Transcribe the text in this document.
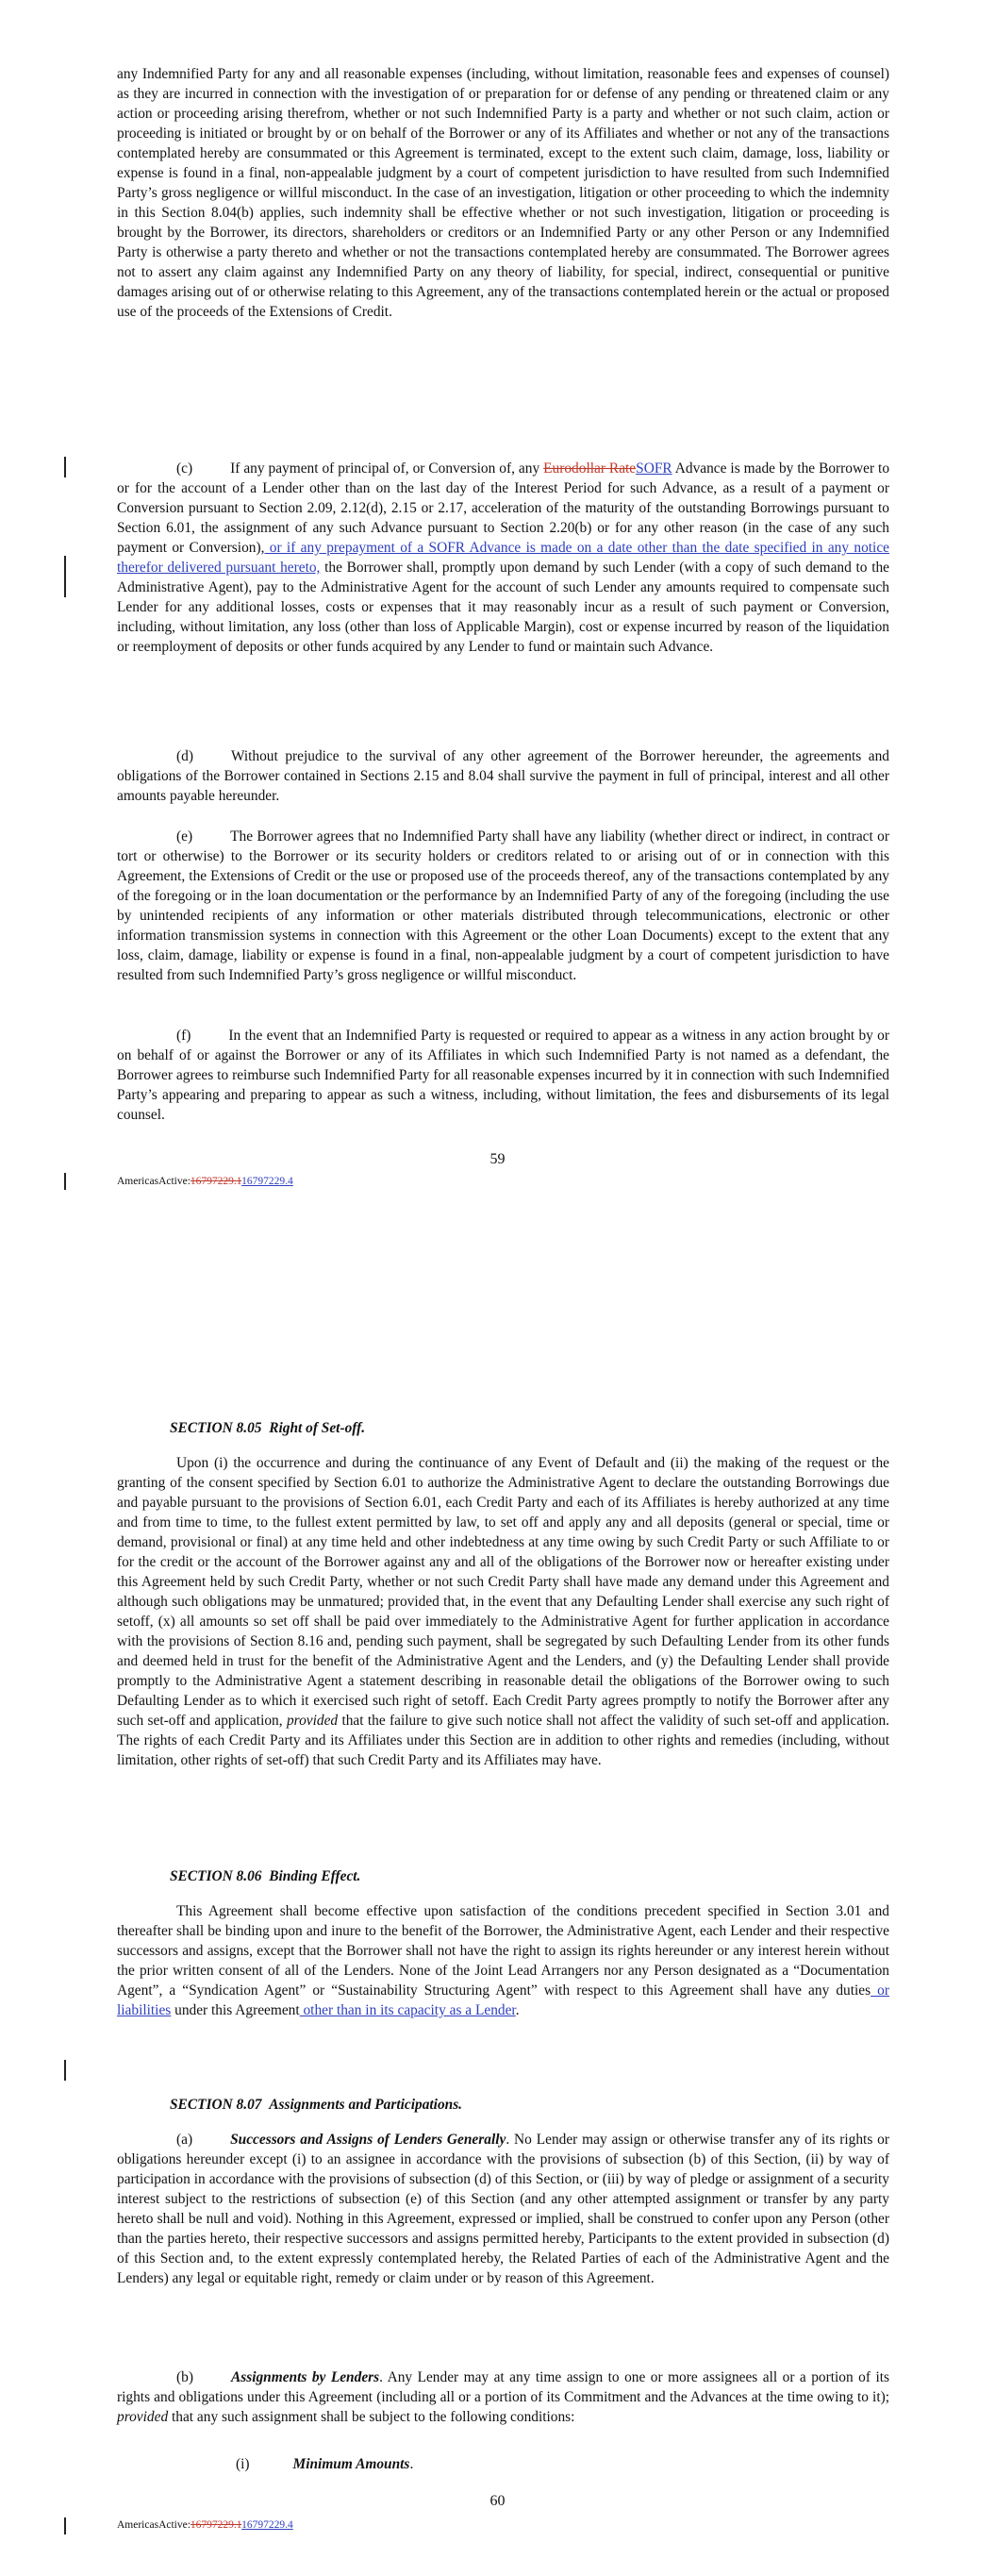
any Indemnified Party for any and all reasonable expenses (including, without limitation, reasonable fees and expenses of counsel) as they are incurred in connection with the investigation of or preparation for or defense of any pending or threatened claim or any action or proceeding arising therefrom, whether or not such Indemnified Party is a party and whether or not such claim, action or proceeding is initiated or brought by or on behalf of the Borrower or any of its Affiliates and whether or not any of the transactions contemplated hereby are consummated or this Agreement is terminated, except to the extent such claim, damage, loss, liability or expense is found in a final, non-appealable judgment by a court of competent jurisdiction to have resulted from such Indemnified Party’s gross negligence or willful misconduct. In the case of an investigation, litigation or other proceeding to which the indemnity in this Section 8.04(b) applies, such indemnity shall be effective whether or not such investigation, litigation or proceeding is brought by the Borrower, its directors, shareholders or creditors or an Indemnified Party or any other Person or any Indemnified Party is otherwise a party thereto and whether or not the transactions contemplated hereby are consummated. The Borrower agrees not to assert any claim against any Indemnified Party on any theory of liability, for special, indirect, consequential or punitive damages arising out of or otherwise relating to this Agreement, any of the transactions contemplated herein or the actual or proposed use of the proceeds of the Extensions of Credit.

(c)	If any payment of principal of, or Conversion of, any Eurodollar RateSOFR Advance is made by the Borrower to or for the account of a Lender other than on the last day of the Interest Period for such Advance, as a result of a payment or Conversion pursuant to Section 2.09, 2.12(d), 2.15 or 2.17, acceleration of the maturity of the outstanding Borrowings pursuant to Section 6.01, the assignment of any such Advance pursuant to Section 2.20(b) or for any other reason (in the case of any such payment or Conversion), or if any prepayment of a SOFR Advance is made on a date other than the date specified in any notice therefor delivered pursuant hereto, the Borrower shall, promptly upon demand by such Lender (with a copy of such demand to the Administrative Agent), pay to the Administrative Agent for the account of such Lender any amounts required to compensate such Lender for any additional losses, costs or expenses that it may reasonably incur as a result of such payment or Conversion, including, without limitation, any loss (other than loss of Applicable Margin), cost or expense incurred by reason of the liquidation or reemployment of deposits or other funds acquired by any Lender to fund or maintain such Advance.

(d)	Without prejudice to the survival of any other agreement of the Borrower hereunder, the agreements and obligations of the Borrower contained in Sections 2.15 and 8.04 shall survive the payment in full of principal, interest and all other amounts payable hereunder.

(e)	The Borrower agrees that no Indemnified Party shall have any liability (whether direct or indirect, in contract or tort or otherwise) to the Borrower or its security holders or creditors related to or arising out of or in connection with this Agreement, the Extensions of Credit or the use or proposed use of the proceeds thereof, any of the transactions contemplated by any of the foregoing or in the loan documentation or the performance by an Indemnified Party of any of the foregoing (including the use by unintended recipients of any information or other materials distributed through telecommunications, electronic or other information transmission systems in connection with this Agreement or the other Loan Documents) except to the extent that any loss, claim, damage, liability or expense is found in a final, non-appealable judgment by a court of competent jurisdiction to have resulted from such Indemnified Party’s gross negligence or willful misconduct.

(f)	In the event that an Indemnified Party is requested or required to appear as a witness in any action brought by or on behalf of or against the Borrower or any of its Affiliates in which such Indemnified Party is not named as a defendant, the Borrower agrees to reimburse such Indemnified Party for all reasonable expenses incurred by it in connection with such Indemnified Party’s appearing and preparing to appear as such a witness, including, without limitation, the fees and disbursements of its legal counsel.

59
AmericasActive:16797229.116797229.4

SECTION 8.05 Right of Set-off.

Upon (i) the occurrence and during the continuance of any Event of Default and (ii) the making of the request or the granting of the consent specified by Section 6.01 to authorize the Administrative Agent to declare the outstanding Borrowings due and payable pursuant to the provisions of Section 6.01, each Credit Party and each of its Affiliates is hereby authorized at any time and from time to time, to the fullest extent permitted by law, to set off and apply any and all deposits (general or special, time or demand, provisional or final) at any time held and other indebtedness at any time owing by such Credit Party or such Affiliate to or for the credit or the account of the Borrower against any and all of the obligations of the Borrower now or hereafter existing under this Agreement held by such Credit Party, whether or not such Credit Party shall have made any demand under this Agreement and although such obligations may be unmatured; provided that, in the event that any Defaulting Lender shall exercise any such right of setoff, (x) all amounts so set off shall be paid over immediately to the Administrative Agent for further application in accordance with the provisions of Section 8.16 and, pending such payment, shall be segregated by such Defaulting Lender from its other funds and deemed held in trust for the benefit of the Administrative Agent and the Lenders, and (y) the Defaulting Lender shall provide promptly to the Administrative Agent a statement describing in reasonable detail the obligations of the Borrower owing to such Defaulting Lender as to which it exercised such right of setoff. Each Credit Party agrees promptly to notify the Borrower after any such set-off and application, provided that the failure to give such notice shall not affect the validity of such set-off and application. The rights of each Credit Party and its Affiliates under this Section are in addition to other rights and remedies (including, without limitation, other rights of set-off) that such Credit Party and its Affiliates may have.

SECTION 8.06 Binding Effect.

This Agreement shall become effective upon satisfaction of the conditions precedent specified in Section 3.01 and thereafter shall be binding upon and inure to the benefit of the Borrower, the Administrative Agent, each Lender and their respective successors and assigns, except that the Borrower shall not have the right to assign its rights hereunder or any interest herein without the prior written consent of all of the Lenders. None of the Joint Lead Arrangers nor any Person designated as a “Documentation Agent”, a “Syndication Agent” or “Sustainability Structuring Agent” with respect to this Agreement shall have any duties or liabilities under this Agreement other than in its capacity as a Lender.

SECTION 8.07 Assignments and Participations.

(a)	Successors and Assigns of Lenders Generally. No Lender may assign or otherwise transfer any of its rights or obligations hereunder except (i) to an assignee in accordance with the provisions of subsection (b) of this Section, (ii) by way of participation in accordance with the provisions of subsection (d) of this Section, or (iii) by way of pledge or assignment of a security interest subject to the restrictions of subsection (e) of this Section (and any other attempted assignment or transfer by any party hereto shall be null and void). Nothing in this Agreement, expressed or implied, shall be construed to confer upon any Person (other than the parties hereto, their respective successors and assigns permitted hereby, Participants to the extent provided in subsection (d) of this Section and, to the extent expressly contemplated hereby, the Related Parties of each of the Administrative Agent and the Lenders) any legal or equitable right, remedy or claim under or by reason of this Agreement.

(b)	Assignments by Lenders. Any Lender may at any time assign to one or more assignees all or a portion of its rights and obligations under this Agreement (including all or a portion of its Commitment and the Advances at the time owing to it); provided that any such assignment shall be subject to the following conditions:

(i)	Minimum Amounts.

60
AmericasActive:16797229.116797229.4
